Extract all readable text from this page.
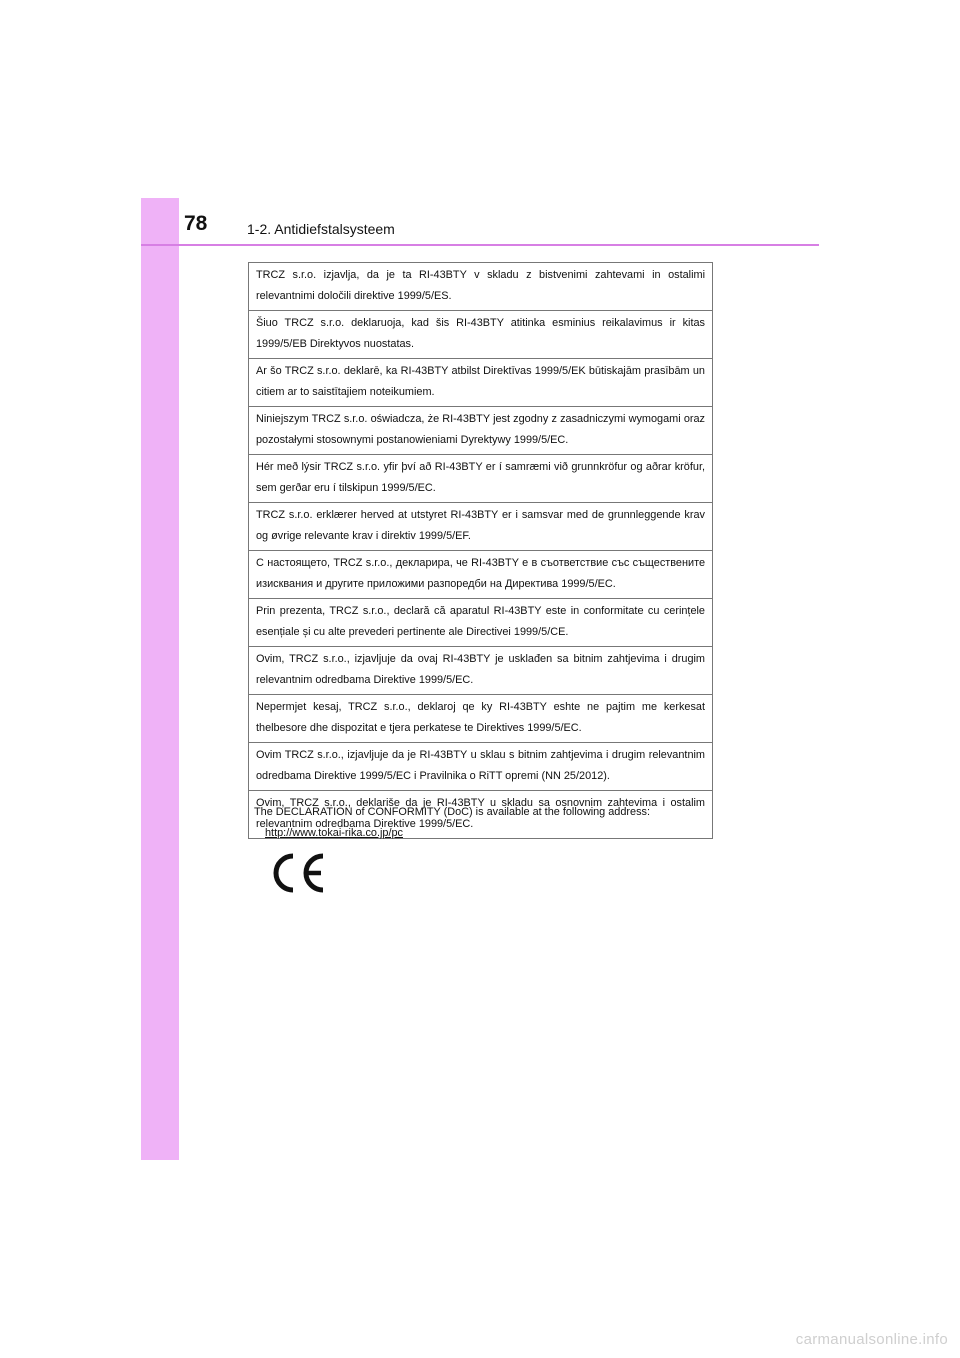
78	1-2. Antidiefstalsysteem
TRCZ s.r.o. izjavlja, da je ta RI-43BTY v skladu z bistvenimi zahtevami in ostalimi relevantnimi določili direktive 1999/5/ES.
Šiuo TRCZ s.r.o. deklaruoja, kad šis RI-43BTY atitinka esminius reikalavimus ir kitas 1999/5/EB Direktyvos nuostatas.
Ar šo TRCZ s.r.o. deklarē, ka RI-43BTY atbilst Direktīvas 1999/5/EK būtiskajām prasībām un citiem ar to saistītajiem noteikumiem.
Niniejszym TRCZ s.r.o. oświadcza, że RI-43BTY jest zgodny z zasadniczymi wymogami oraz pozostałymi stosownymi postanowieniami Dyrektywy 1999/5/EC.
Hér með lýsir TRCZ s.r.o. yfir því að RI-43BTY er í samræmi við grunnkröfur og aðrar kröfur, sem gerðar eru í tilskipun 1999/5/EC.
TRCZ s.r.o. erklærer herved at utstyret RI-43BTY er i samsvar med de grunnleggende krav og øvrige relevante krav i direktiv 1999/5/EF.
С настоящето, TRCZ s.r.o., декларира, че RI-43BTY е в съответствие със съществените изисквания и другите приложими разпоредби на Директива 1999/5/ЕС.
Prin prezenta, TRCZ s.r.o., declară că aparatul RI-43BTY este in conformitate cu cerințele esențiale și cu alte prevederi pertinente ale Directivei 1999/5/CE.
Ovim, TRCZ s.r.o., izjavljuje da ovaj RI-43BTY je usklađen sa bitnim zahtjevima i drugim relevantnim odredbama Direktive 1999/5/EC.
Nepermjet kesaj, TRCZ s.r.o., deklaroj qe ky RI-43BTY eshte ne pajtim me kerkesat thelbesore dhe dispozitat e tjera perkatese te Direktives 1999/5/EC.
Ovim TRCZ s.r.o., izjavljuje da je RI-43BTY u sklau s bitnim zahtjevima i drugim relevantnim odredbama Direktive 1999/5/EC i Pravilnika o RiTT opremi (NN 25/2012).
Ovim, TRCZ s.r.o., deklariše da je RI-43BTY u skladu sa osnovnim zahtevima i ostalim relevantnim odredbama Direktive 1999/5/EC.
The DECLARATION of CONFORMITY (DoC) is available at the following address:
http://www.tokai-rika.co.jp/pc
carmanualsonline.info
